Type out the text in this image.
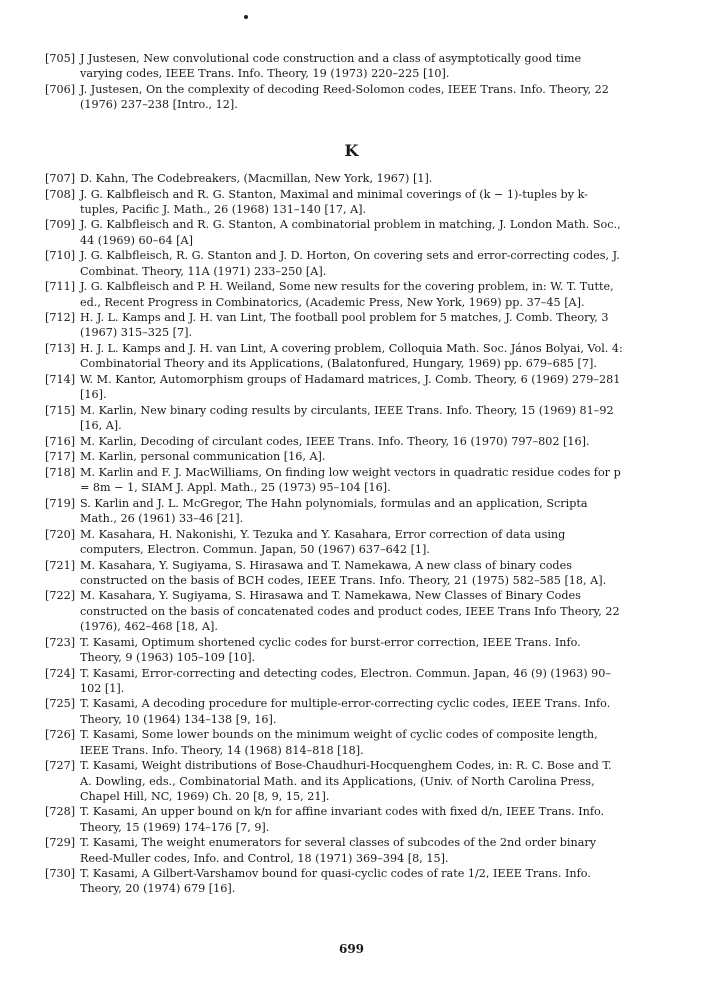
[705] J Justesen, New convolutional code construction and a class of asymptotically good time varying codes, IEEE Trans. Info. Theory, 19 (1973) 220–225 [10].
[706] J. Justesen, On the complexity of decoding Reed-Solomon codes, IEEE Trans. Info. Theory, 22 (1976) 237–238 [Intro., 12].
K
[707] D. Kahn, The Codebreakers, (Macmillan, New York, 1967) [1].
[708] J. G. Kalbfleisch and R. G. Stanton, Maximal and minimal coverings of (k − 1)-tuples by k-tuples, Pacific J. Math., 26 (1968) 131–140 [17, A].
[709] J. G. Kalbfleisch and R. G. Stanton, A combinatorial problem in matching, J. London Math. Soc., 44 (1969) 60–64 [A]
[710] J. G. Kalbfleisch, R. G. Stanton and J. D. Horton, On covering sets and error-correcting codes, J. Combinat. Theory, 11A (1971) 233–250 [A].
[711] J. G. Kalbfleisch and P. H. Weiland, Some new results for the covering problem, in: W. T. Tutte, ed., Recent Progress in Combinatorics, (Academic Press, New York, 1969) pp. 37–45 [A].
[712] H. J. L. Kamps and J. H. van Lint, The football pool problem for 5 matches, J. Comb. Theory, 3 (1967) 315–325 [7].
[713] H. J. L. Kamps and J. H. van Lint, A covering problem, Colloquia Math. Soc. János Bolyai, Vol. 4: Combinatorial Theory and its Applications, (Balatonfured, Hungary, 1969) pp. 679–685 [7].
[714] W. M. Kantor, Automorphism groups of Hadamard matrices, J. Comb. Theory, 6 (1969) 279–281 [16].
[715] M. Karlin, New binary coding results by circulants, IEEE Trans. Info. Theory, 15 (1969) 81–92 [16, A].
[716] M. Karlin, Decoding of circulant codes, IEEE Trans. Info. Theory, 16 (1970) 797–802 [16].
[717] M. Karlin, personal communication [16, A].
[718] M. Karlin and F. J. MacWilliams, On finding low weight vectors in quadratic residue codes for p = 8m − 1, SIAM J. Appl. Math., 25 (1973) 95–104 [16].
[719] S. Karlin and J. L. McGregor, The Hahn polynomials, formulas and an application, Scripta Math., 26 (1961) 33–46 [21].
[720] M. Kasahara, H. Nakonishi, Y. Tezuka and Y. Kasahara, Error correction of data using computers, Electron. Commun. Japan, 50 (1967) 637–642 [1].
[721] M. Kasahara, Y. Sugiyama, S. Hirasawa and T. Namekawa, A new class of binary codes constructed on the basis of BCH codes, IEEE Trans. Info. Theory, 21 (1975) 582–585 [18, A].
[722] M. Kasahara, Y. Sugiyama, S. Hirasawa and T. Namekawa, New Classes of Binary Codes constructed on the basis of concatenated codes and product codes, IEEE Trans Info Theory, 22 (1976), 462–468 [18, A].
[723] T. Kasami, Optimum shortened cyclic codes for burst-error correction, IEEE Trans. Info. Theory, 9 (1963) 105–109 [10].
[724] T. Kasami, Error-correcting and detecting codes, Electron. Commun. Japan, 46 (9) (1963) 90–102 [1].
[725] T. Kasami, A decoding procedure for multiple-error-correcting cyclic codes, IEEE Trans. Info. Theory, 10 (1964) 134–138 [9, 16].
[726] T. Kasami, Some lower bounds on the minimum weight of cyclic codes of composite length, IEEE Trans. Info. Theory, 14 (1968) 814–818 [18].
[727] T. Kasami, Weight distributions of Bose-Chaudhuri-Hocquenghem Codes, in: R. C. Bose and T. A. Dowling, eds., Combinatorial Math. and its Applications, (Univ. of North Carolina Press, Chapel Hill, NC, 1969) Ch. 20 [8, 9, 15, 21].
[728] T. Kasami, An upper bound on k/n for affine invariant codes with fixed d/n, IEEE Trans. Info. Theory, 15 (1969) 174–176 [7, 9].
[729] T. Kasami, The weight enumerators for several classes of subcodes of the 2nd order binary Reed-Muller codes, Info. and Control, 18 (1971) 369–394 [8, 15].
[730] T. Kasami, A Gilbert-Varshamov bound for quasi-cyclic codes of rate 1/2, IEEE Trans. Info. Theory, 20 (1974) 679 [16].
699
